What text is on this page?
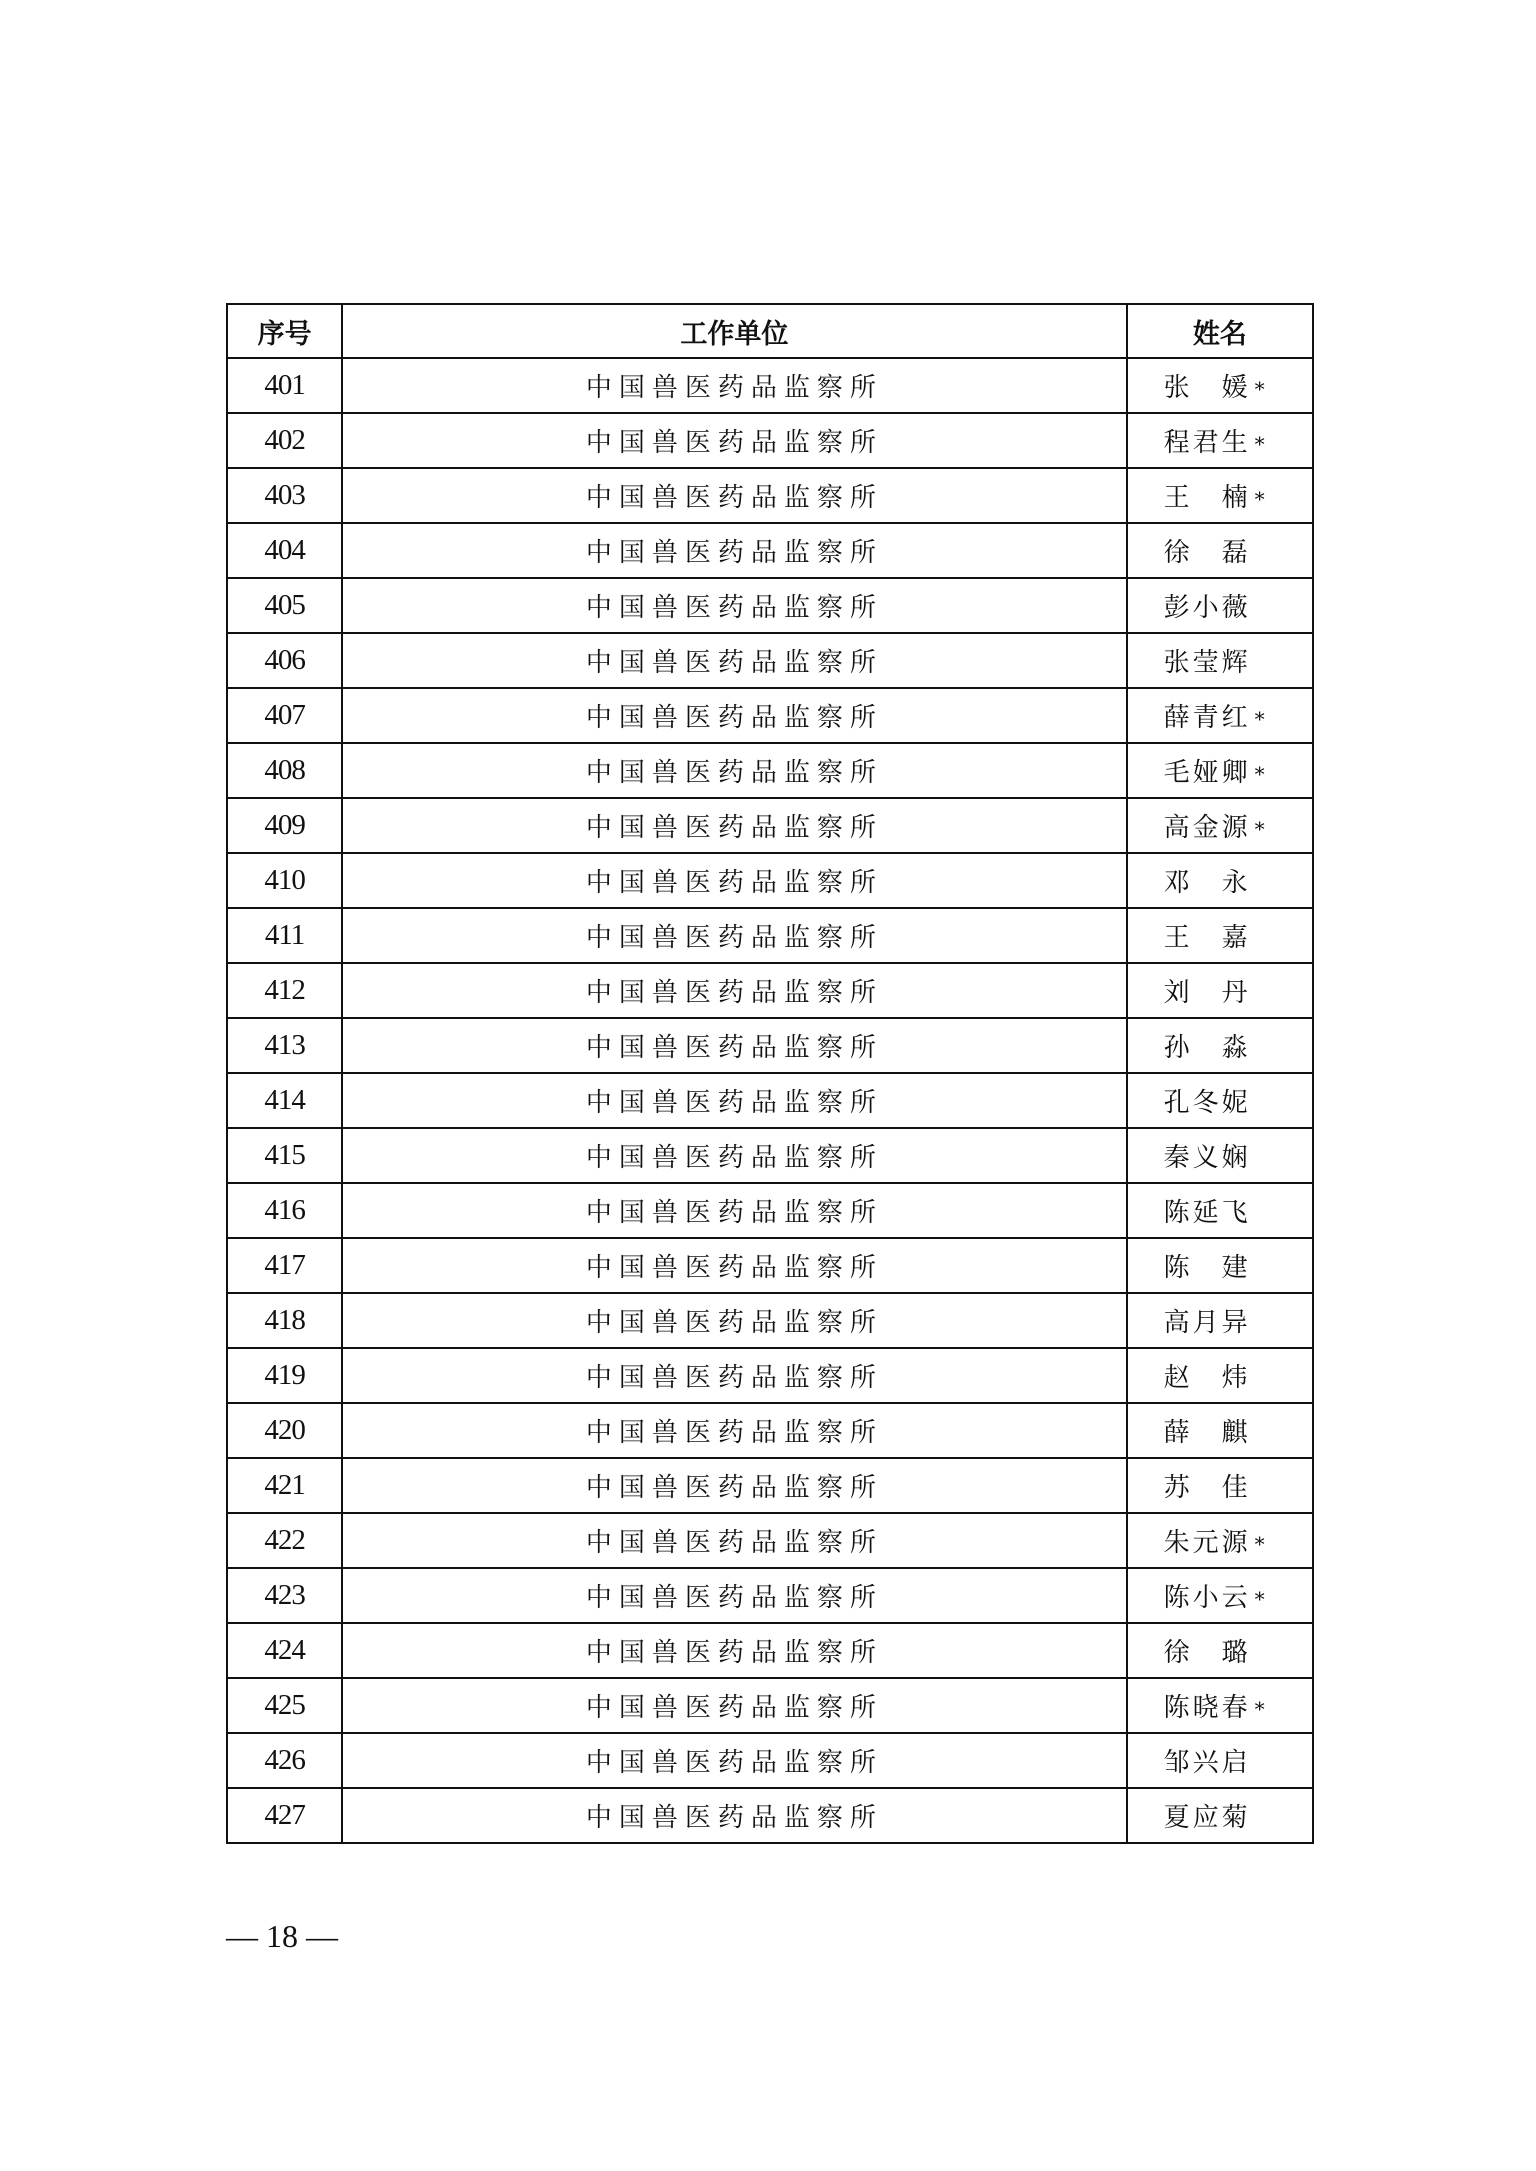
序号	工作单位	姓名
401	中国兽医药品监察所	张　媛 *
402	中国兽医药品监察所	程君生 *
403	中国兽医药品监察所	王　楠 *
404	中国兽医药品监察所	徐　磊
405	中国兽医药品监察所	彭小薇
406	中国兽医药品监察所	张莹辉
407	中国兽医药品监察所	薛青红 *
408	中国兽医药品监察所	毛娅卿 *
409	中国兽医药品监察所	高金源 *
410	中国兽医药品监察所	邓　永
411	中国兽医药品监察所	王　嘉
412	中国兽医药品监察所	刘　丹
413	中国兽医药品监察所	孙　淼
414	中国兽医药品监察所	孔冬妮
415	中国兽医药品监察所	秦义娴
416	中国兽医药品监察所	陈延飞
417	中国兽医药品监察所	陈　建
418	中国兽医药品监察所	高月异
419	中国兽医药品监察所	赵　炜
420	中国兽医药品监察所	薛　麒
421	中国兽医药品监察所	苏　佳
422	中国兽医药品监察所	朱元源 *
423	中国兽医药品监察所	陈小云 *
424	中国兽医药品监察所	徐　璐
425	中国兽医药品监察所	陈晓春 *
426	中国兽医药品监察所	邹兴启
427	中国兽医药品监察所	夏应菊
— 18 —
